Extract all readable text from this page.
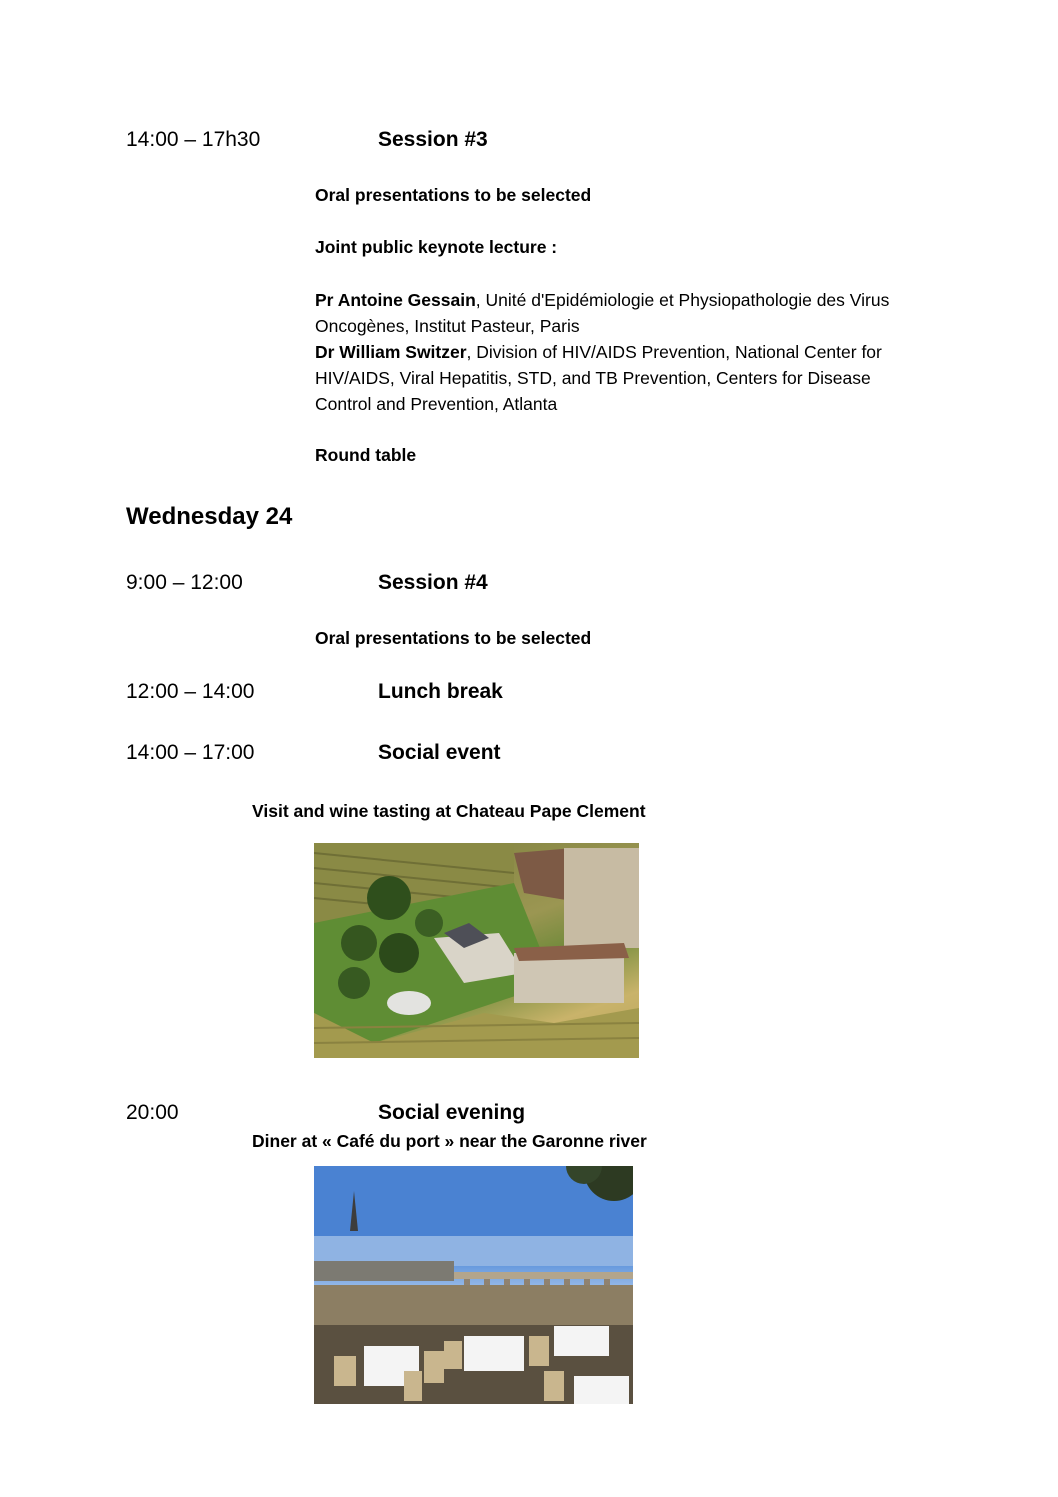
14:00 – 17h30	Session #3
Oral presentations to be selected
Joint public keynote lecture :
Pr Antoine Gessain, Unité d'Epidémiologie et Physiopathologie des Virus Oncogènes, Institut Pasteur, Paris
Dr William Switzer, Division of HIV/AIDS Prevention, National Center for HIV/AIDS, Viral Hepatitis, STD, and TB Prevention, Centers for Disease Control and Prevention, Atlanta
Round table
Wednesday 24
9:00 – 12:00	Session #4
Oral presentations to be selected
12:00 – 14:00	Lunch break
14:00 – 17:00	Social event
Visit and wine tasting at Chateau Pape Clement
20:00	Social evening
Diner at « Café du port » near the Garonne river
